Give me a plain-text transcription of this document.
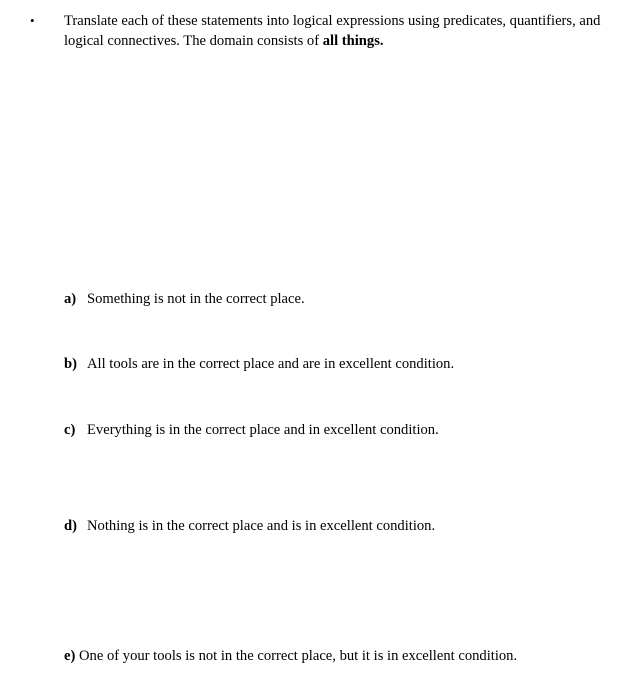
• Translate each of these statements into logical expressions using predicates, quantifiers, and logical connectives. The domain consists of all things.
a) Something is not in the correct place.
b) All tools are in the correct place and are in excellent condition.
c) Everything is in the correct place and in excellent condition.
d) Nothing is in the correct place and is in excellent condition.
e) One of your tools is not in the correct place, but it is in excellent condition.
